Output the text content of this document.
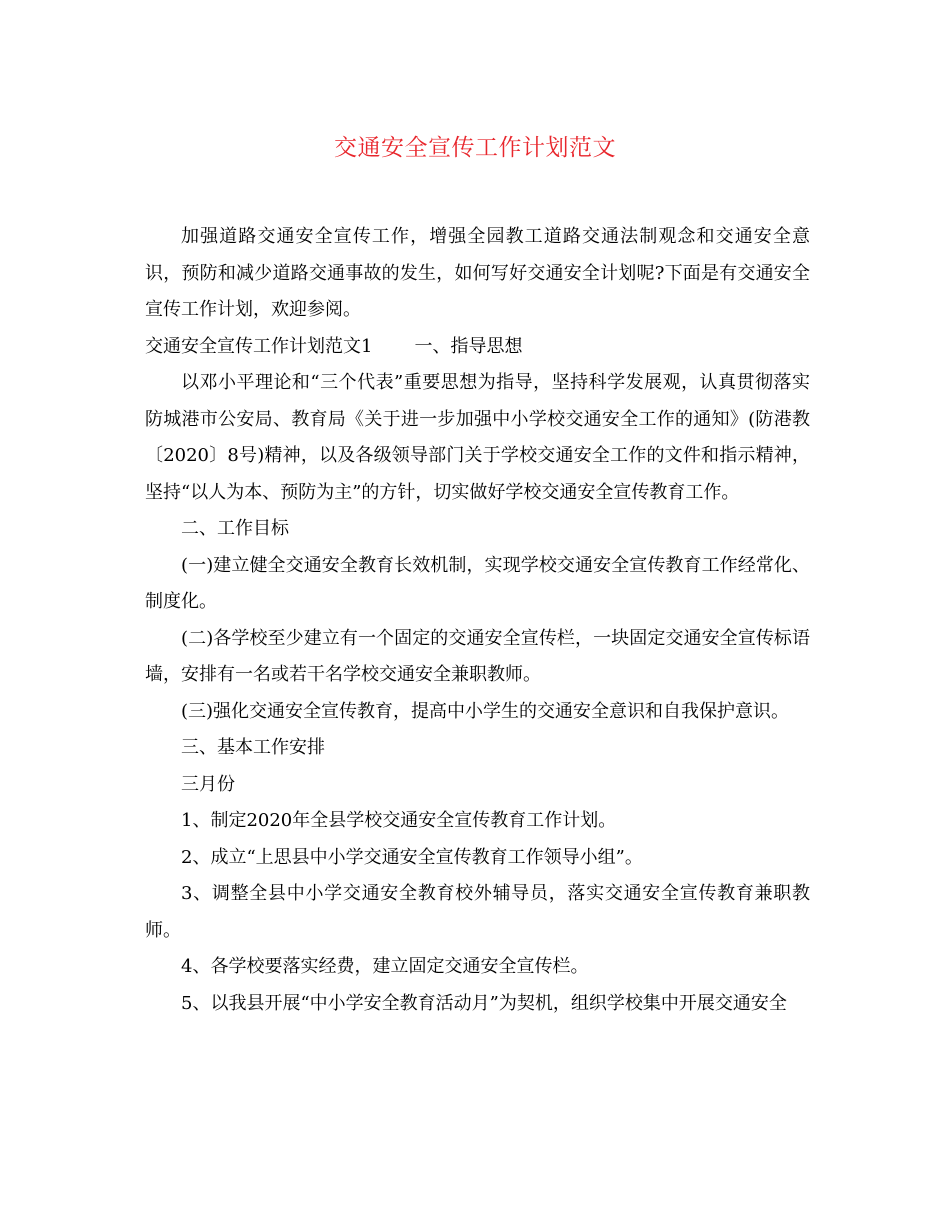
交通安全宣传工作计划范文

加强道路交通安全宣传工作，增强全园教工道路交通法制观念和交通安全意识，预防和减少道路交通事故的发生，如何写好交通安全计划呢?下面是有交通安全宣传工作计划，欢迎参阅。

交通安全宣传工作计划范文1 一、指导思想

以邓小平理论和“三个代表”重要思想为指导，坚持科学发展观，认真贯彻落实防城港市公安局、教育局《关于进一步加强中小学校交通安全工作的通知》(防港教〔2020〕8号)精神，以及各级领导部门关于学校交通安全工作的文件和指示精神，坚持“以人为本、预防为主”的方针，切实做好学校交通安全宣传教育工作。

二、工作目标

(一)建立健全交通安全教育长效机制，实现学校交通安全宣传教育工作经常化、制度化。

(二)各学校至少建立有一个固定的交通安全宣传栏，一块固定交通安全宣传标语墙，安排有一名或若干名学校交通安全兼职教师。

(三)强化交通安全宣传教育，提高中小学生的交通安全意识和自我保护意识。

三、基本工作安排

三月份

1、制定2020年全县学校交通安全宣传教育工作计划。

2、成立“上思县中小学交通安全宣传教育工作领导小组”。

3、调整全县中小学交通安全教育校外辅导员，落实交通安全宣传教育兼职教师。

4、各学校要落实经费，建立固定交通安全宣传栏。

5、以我县开展“中小学安全教育活动月”为契机，组织学校集中开展交通安全
